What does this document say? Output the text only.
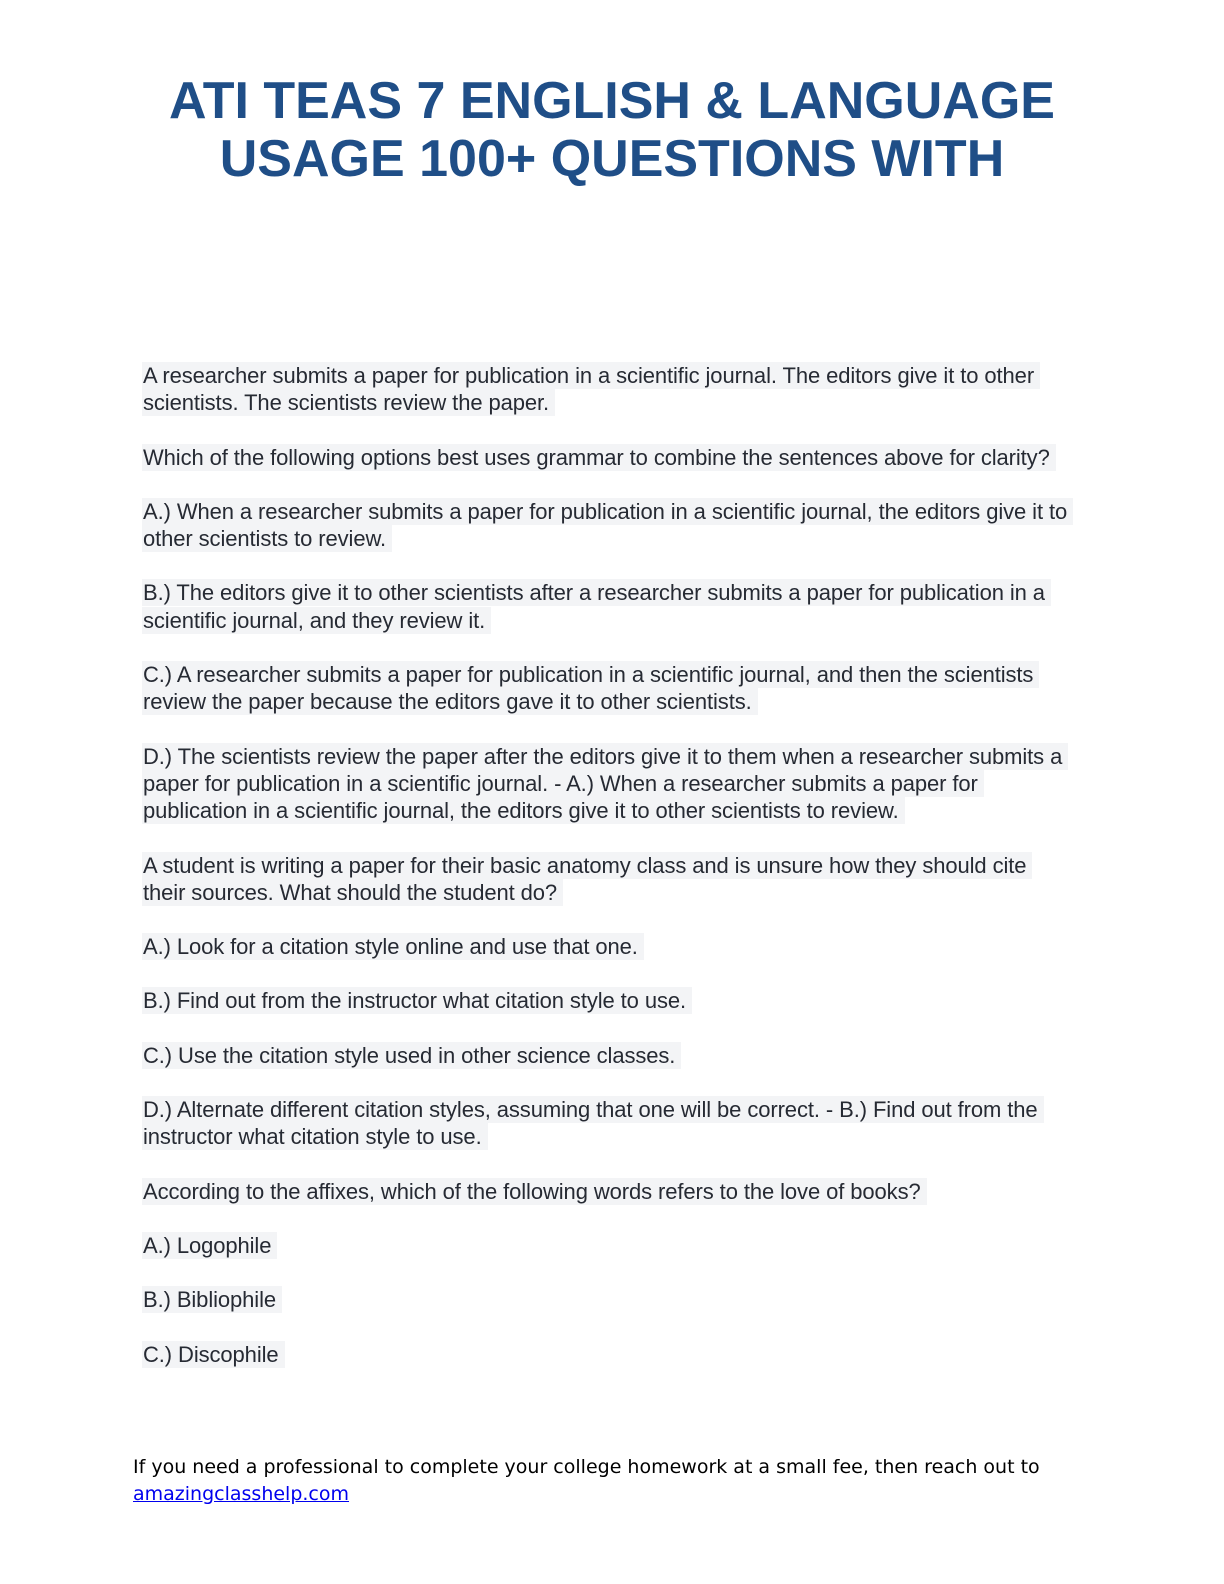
ATI TEAS 7 ENGLISH & LANGUAGE
USAGE 100+ QUESTIONS WITH

A researcher submits a paper for publication in a scientific journal. The editors give it to other scientists. The scientists review the paper.

Which of the following options best uses grammar to combine the sentences above for clarity?

A.) When a researcher submits a paper for publication in a scientific journal, the editors give it to other scientists to review.

B.) The editors give it to other scientists after a researcher submits a paper for publication in a scientific journal, and they review it.

C.) A researcher submits a paper for publication in a scientific journal, and then the scientists review the paper because the editors gave it to other scientists.

D.) The scientists review the paper after the editors give it to them when a researcher submits a paper for publication in a scientific journal. - A.) When a researcher submits a paper for publication in a scientific journal, the editors give it to other scientists to review.

A student is writing a paper for their basic anatomy class and is unsure how they should cite their sources. What should the student do?

A.) Look for a citation style online and use that one.

B.) Find out from the instructor what citation style to use.

C.) Use the citation style used in other science classes.

D.) Alternate different citation styles, assuming that one will be correct. - B.) Find out from the instructor what citation style to use.

According to the affixes, which of the following words refers to the love of books?

A.) Logophile

B.) Bibliophile

C.) Discophile

If you need a professional to complete your college homework at a small fee, then reach out to
amazingclasshelp.com
